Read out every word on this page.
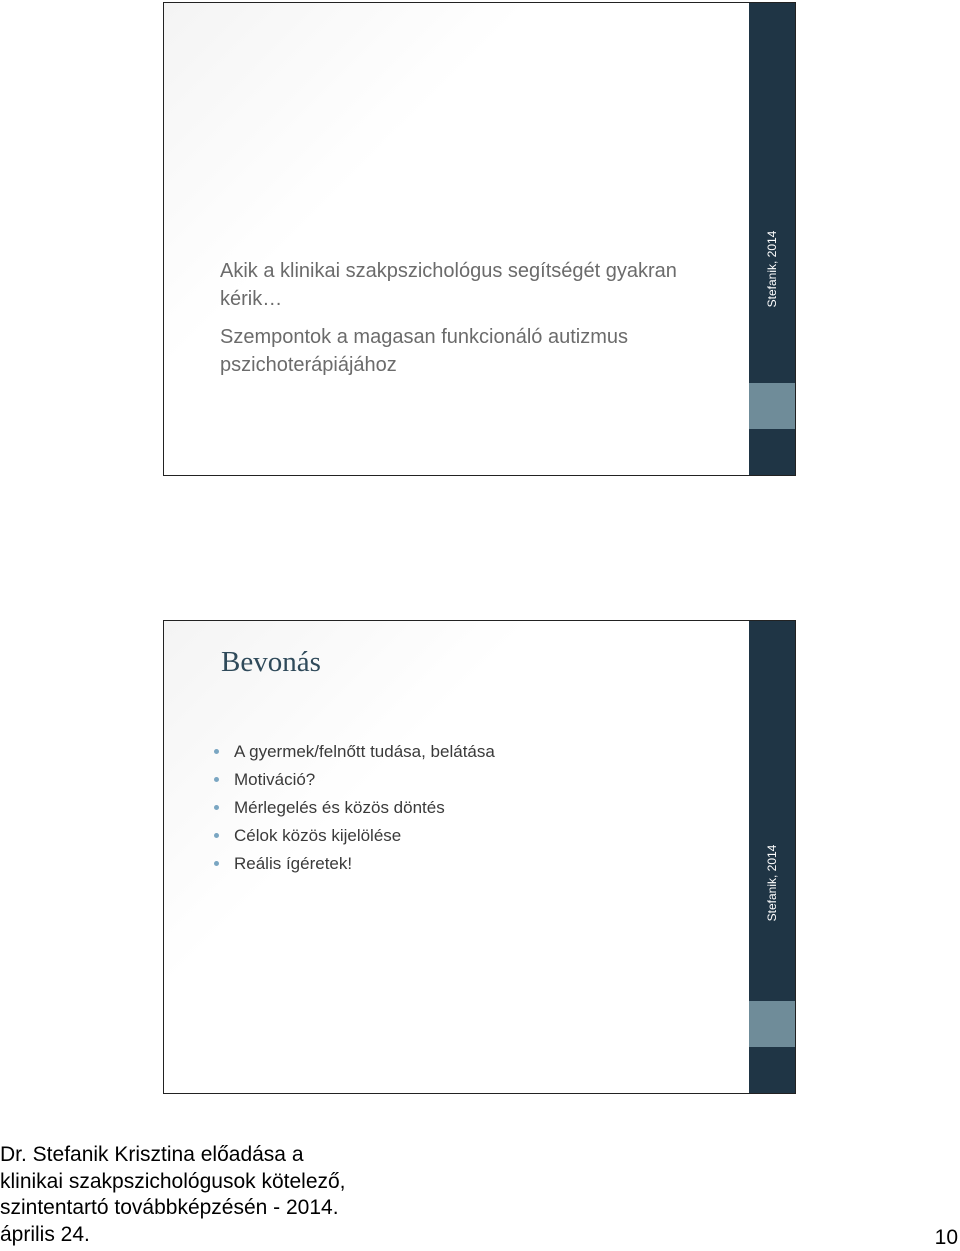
Akik a klinikai szakpszichológus segítségét gyakran kérik…
Szempontok a magasan funkcionáló autizmus pszichoterápiájához
Stefanik, 2014
Bevonás
A gyermek/felnőtt tudása, belátása
Motiváció?
Mérlegelés és közös döntés
Célok közös kijelölése
Reális ígéretek!	Stefanik, 2014
Dr. Stefanik Krisztina előadása a
klinikai szakpszichológusok kötelező,
szintentartó továbbképzésén - 2014.
április 24.	10
